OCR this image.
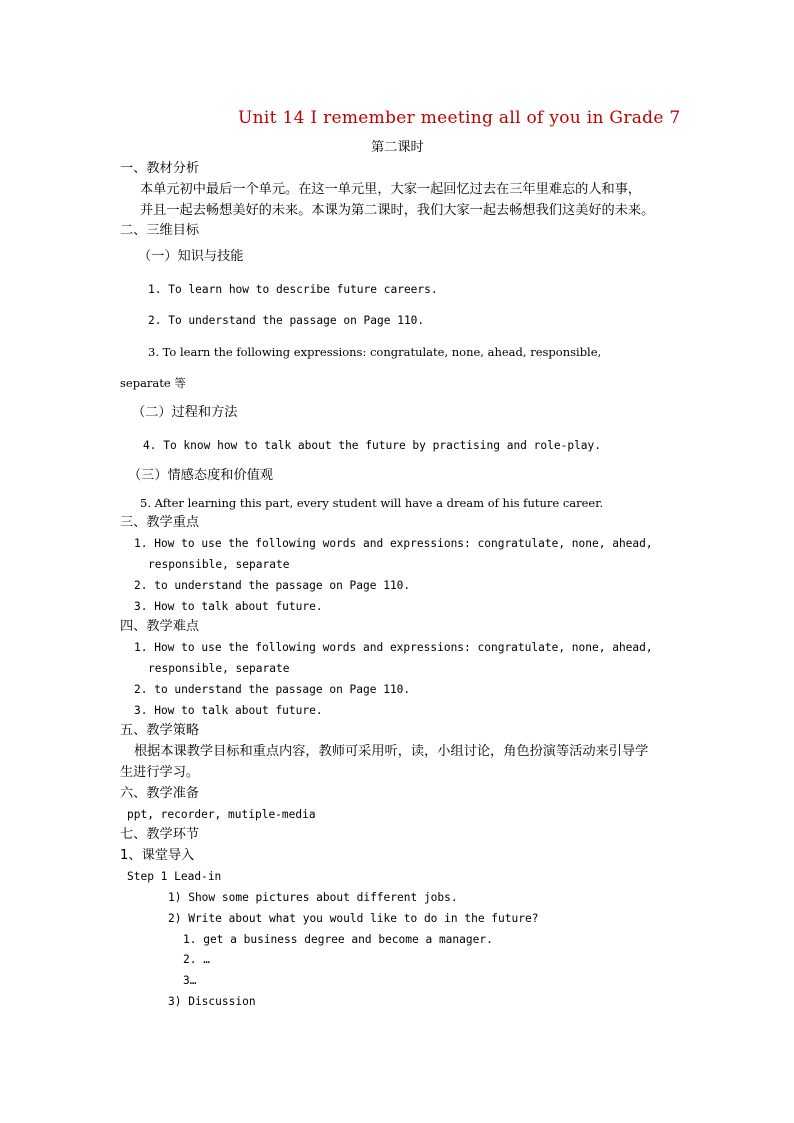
Unit 14 I remember meeting all of you in Grade 7
第二课时
一、教材分析
本单元初中最后一个单元。在这一单元里，大家一起回忆过去在三年里难忘的人和事，
并且一起去畅想美好的未来。本课为第二课时，我们大家一起去畅想我们这美好的未来。
二、三维目标
（一）知识与技能
1. To learn how to describe future careers.
2. To understand the passage on Page 110.
3. To learn the following expressions: congratulate, none, ahead, responsible,
separate 等
（二）过程和方法
4. To know how to talk about the future by practising and role-play.
（三）情感态度和价值观
5. After learning this part, every student will have a dream of his future career.
三、教学重点
1. How to use the following words and expressions: congratulate, none, ahead,
responsible, separate
2. to understand the passage on Page 110.
3. How to talk about future.
四、教学难点
1. How to use the following words and expressions: congratulate, none, ahead,
responsible, separate
2. to understand the passage on Page 110.
3. How to talk about future.
五、教学策略
根据本课教学目标和重点内容，教师可采用听，读，小组讨论，角色扮演等活动来引导学
生进行学习。
六、教学准备
ppt, recorder, mutiple-media
七、教学环节
1、课堂导入
Step 1 Lead-in
1) Show some pictures about different jobs.
2) Write about what you would like to do in the future?
1. get a business degree and become a manager.
2. …
3…
3) Discussion
